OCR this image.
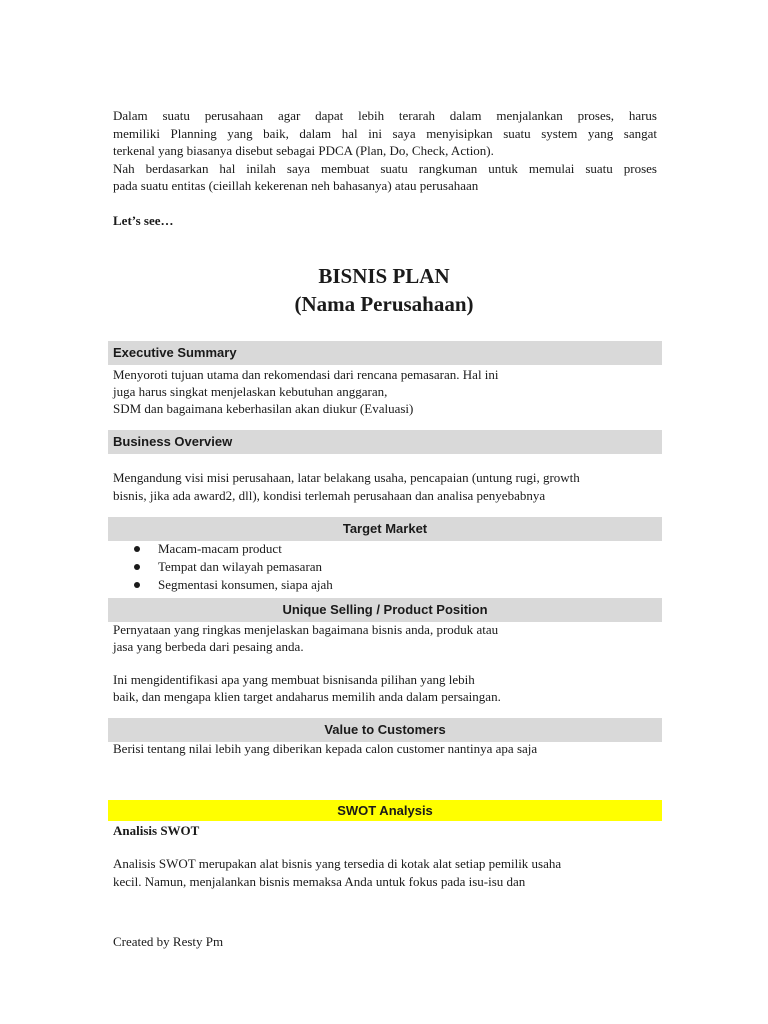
Dalam suatu perusahaan agar dapat lebih terarah dalam menjalankan proses, harus
memiliki Planning yang baik, dalam hal ini saya menyisipkan suatu system yang sangat
terkenal yang biasanya disebut sebagai PDCA (Plan, Do, Check, Action).
Nah berdasarkan hal inilah saya membuat suatu rangkuman untuk memulai suatu proses
pada suatu entitas (cieillah kekerenan neh bahasanya) atau perusahaan
Let’s see…
BISNIS PLAN
(Nama Perusahaan)
Executive Summary
Menyoroti tujuan utama dan rekomendasi dari rencana pemasaran. Hal ini
juga harus singkat menjelaskan kebutuhan anggaran,
SDM dan bagaimana keberhasilan akan diukur (Evaluasi)
Business Overview
Mengandung visi misi perusahaan, latar belakang usaha, pencapaian (untung rugi, growth
bisnis, jika ada award2, dll), kondisi terlemah perusahaan dan analisa penyebabnya
Target Market
Macam-macam product
Tempat dan wilayah pemasaran
Segmentasi konsumen, siapa ajah
Unique Selling / Product Position
Pernyataan yang ringkas menjelaskan bagaimana bisnis anda, produk atau
jasa yang berbeda dari pesaing anda.
Ini mengidentifikasi apa yang membuat bisnisanda pilihan yang lebih
baik, dan mengapa klien target andaharus memilih anda dalam persaingan.
Value to Customers
Berisi tentang nilai lebih yang diberikan kepada calon customer nantinya apa saja
SWOT Analysis
Analisis SWOT
Analisis SWOT merupakan alat bisnis yang tersedia di kotak alat setiap pemilik usaha
kecil. Namun, menjalankan bisnis memaksa Anda untuk fokus pada isu-isu dan
Created by Resty Pm
